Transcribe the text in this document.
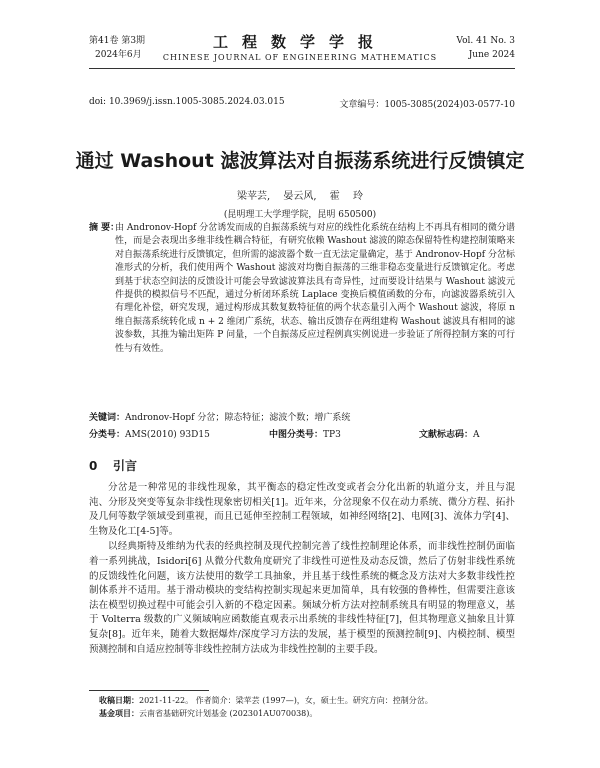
第41卷 第3期
2024年6月
工程数学学报
CHINESE JOURNAL OF ENGINEERING MATHEMATICS
Vol. 41 No. 3
June 2024
doi: 10.3969/j.issn.1005-3085.2024.03.015	文章编号：1005-3085(2024)03-0577-10
通过 Washout 滤波算法对自振荡系统进行反馈镇定
梁苹芸, 晏云风, 霍 玲
(昆明理工大学理学院，昆明 650500)
摘 要：
由 Andronov-Hopf 分岔诱发而成的自振荡系统与对应的线性化系统在结构上不再具有相同的微分谱性，而是会表现出多维非线性耦合特征，有研究依赖 Washout 滤波的隙态保留特性构建控制策略来对自振荡系统进行反馈镇定，但所需的滤波器个数一直无法定量确定，基于 Andronov-Hopf 分岔标准形式的分析，我们使用两个 Washout 滤波对均衡自振荡的三维非稳态变量进行反馈镇定化。考虑到基于状态空间法的反馈设计可能会导致滤波算法具有奇异性，过而要设计结果与 Washout 滤波元件提供的模拟信号不匹配，通过分析闭环系统 Laplace 变换后模值函数的分布，向滤波器系统引入有理化补偿，研究发现，通过构形成其数复数特征值的两个状态量引入两个 Washout 滤波，将原 n 维自振荡系统转化成 n + 2 维闭广系统，状态、输出反馈存在两组建构 Washout 滤波具有相同的滤波参数，其推为输出矩阵 P 问量，一个自振荡反应过程例真实例说进一步验证了所得控制方案的可行性与有效性。
关键词：Andronov-Hopf 分岔；隙态特征；滤波个数；增广系统
分类号：AMS(2010) 93D15	中图分类号：TP3	文献标志码：A
0 引言

分岔是一种常见的非线性现象，其平衡态的稳定性改变或者会分化出新的轨道分支，并且与混沌、分形及突变等复杂非线性现象密切相关[1]。近年来，分岔现象不仅在动力系统、微分方程、拓扑及几何等数学领域受到重视，而且已延伸至控制工程领域，如神经网络[2]、电网[3]、流体力学[4]、生物及化工[4-5]等。

以经典斯特及维纳为代表的经典控制及现代控制完善了线性控制理论体系，而非线性控制仍面临着一系列挑战，Isidori[6] 从微分代数角度研究了非线性可逆性及动态反馈，然后了仿射非线性系统的反馈线性化问题，该方法使用的数学工具抽象，并且基于线性系统的概念及方法对大多数非线性控制体系并不适用。基于滑动模块的变结构控制实现起来更加简单，具有较强的鲁棒性，但需要注意该法在模型切换过程中可能会引入新的不稳定因素。频域分析方法对控制系统具有明显的物理意义，基于 Volterra 级数的广义频域响应函数能直观表示出系统的非线性特征[7]，但其物理意义抽象且计算复杂[8]。近年来，随着大数据爆炸/深度学习方法的发展，基于模型的预测控制[9]、内模控制、模型预测控制和自适应控制等非线性控制方法成为非线性控制的主要手段。

收稿日期：2021-11-22。 作者简介：梁苹芸 (1997—)，女，硕士生。研究方向：控制分岔。
基金项目：云南省基础研究计划基金 (202301AU070038)。
